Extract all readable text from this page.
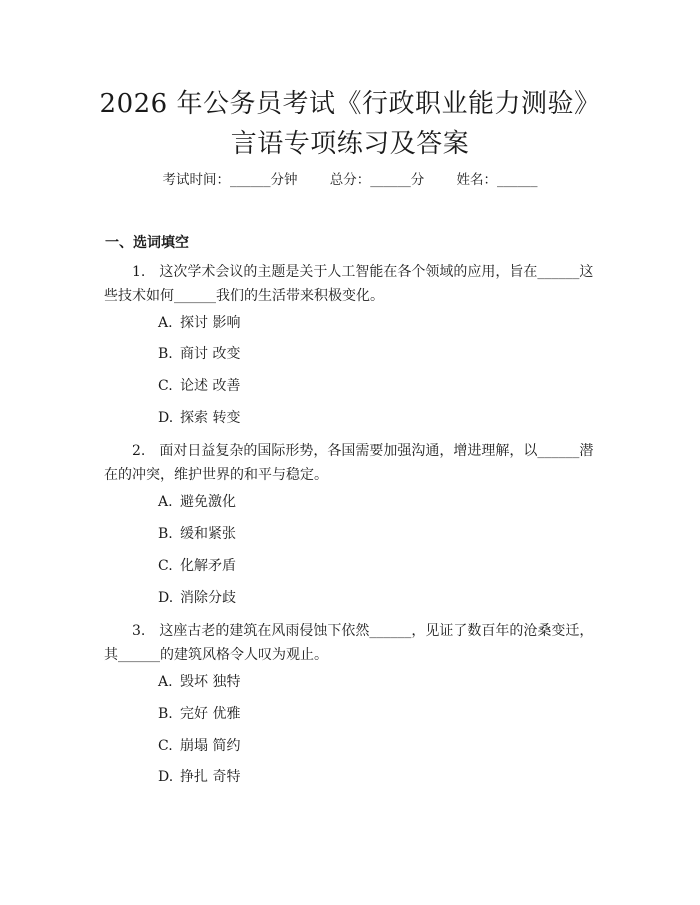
2026 年公务员考试《行政职业能力测验》言语专项练习及答案
考试时间：______分钟 总分：______分 姓名：______
一、选词填空
1.　这次学术会议的主题是关于人工智能在各个领域的应用，旨在______这些技术如何______我们的生活带来积极变化。
A. 探讨 影响
B. 商讨 改变
C. 论述 改善
D. 探索 转变
2.　面对日益复杂的国际形势，各国需要加强沟通，增进理解，以______潜在的冲突，维护世界的和平与稳定。
A. 避免激化
B. 缓和紧张
C. 化解矛盾
D. 消除分歧
3.　这座古老的建筑在风雨侵蚀下依然______，见证了数百年的沧桑变迁，其______的建筑风格令人叹为观止。
A. 毁坏 独特
B. 完好 优雅
C. 崩塌 简约
D. 挣扎 奇特
